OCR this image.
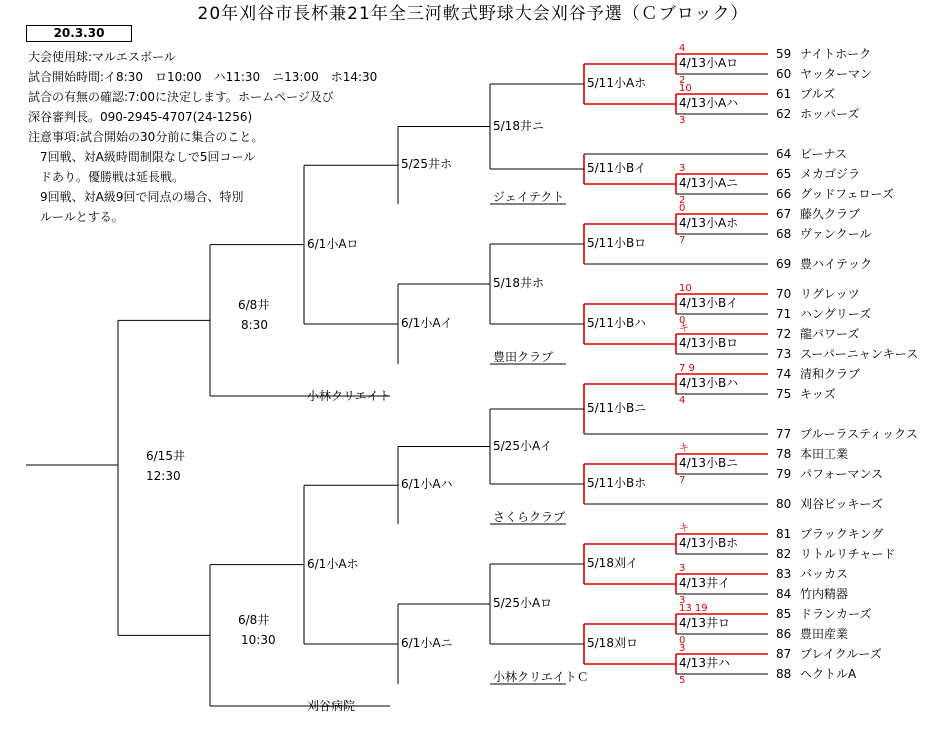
20年刈谷市長杯兼21年全三河軟式野球大会刈谷予選（Ｃブロック）
20.3.30
大会使用球:マルエスボール
試合開始時間:イ8:30　ロ10:00　ハ11:30　ニ13:00　ホ14:30
試合の有無の確認:7:00に決定します。ホームページ及び
深谷審判長。090-2945-4707(24-1256)
注意事項:試合開始の30分前に集合のこと。
　7回戦、対A級時間制限なしで5回コール
　ドあり。優勝戦は延長戦。
　9回戦、対A級9回で同点の場合、特別
　ルールとする。
59 ナイトホーク
60 ヤッターマン
61 ブルズ
62 ホッパーズ
64 ビーナス
65 メカゴジラ
66 グッドフェローズ
67 藤久クラブ
68 ヴァンクール
69 豊ハイテック
70 リグレッツ
71 ハングリーズ
72 龍パワーズ
73 スーパーニャンキース
74 清和クラブ
75 キッズ
77 ブルーラスティックス
78 本田工業
79 パフォーマンス
80 刈谷ビッキーズ
81 ブラックキング
82 リトルリチャード
83 バッカス
84 竹内精器
85 ドランカーズ
86 豊田産業
87 ブレイクルーズ
88 ヘクトルA
4/13小Aロ
4
2
4/13小Aハ
10
3
4/13小Aニ
3
2
4/13小Aホ
0
7
4/13小Bイ
10
0
4/13小Bロ
キ
4/13小Bハ
7 9
4
4/13小Bニ
キ
7
4/13小Bホ
キ
4/13井イ
3
3
4/13井ロ
13 19
0
4/13井ハ
3
5
5/11小Aホ
5/11小Bイ
5/11小Bロ
5/11小Bハ
5/11小Bニ
5/11小Bホ
5/18刈イ
5/18刈ロ
ジェイテクト
豊田クラブ
さくらクラブ
小林クリエイトＣ
5/18井ニ
5/18井ホ
5/25小Aイ
5/25小Aロ
5/25井ホ
6/1小Aイ
6/1小Aハ
6/1小Aニ
6/1小Aロ
6/1小Aホ
小林クリエイト
刈谷病院
6/8井
8:30
6/8井
10:30
6/15井
12:30
